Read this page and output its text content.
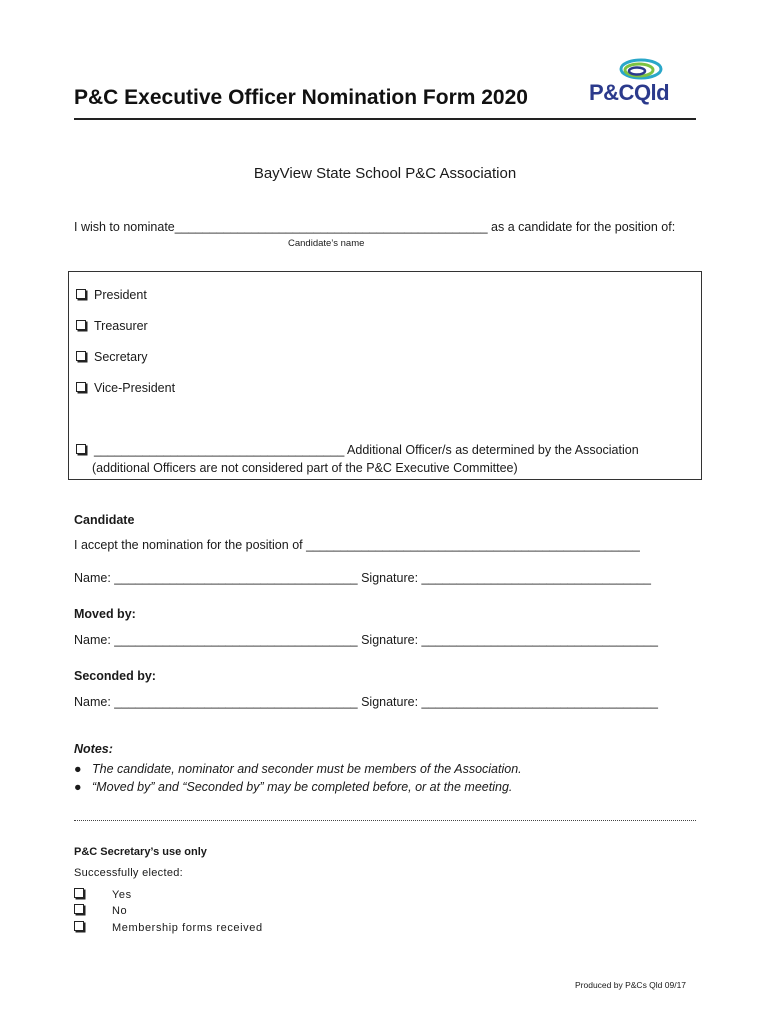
P&C Executive Officer Nomination Form 2020	P&CQld
BayView State School P&C Association
I wish to nominate_____________________________________________ as a candidate for the position of:
Candidate’s name
President
Treasurer
Secretary
Vice-President
____________________________________ Additional Officer/s as determined by the Association
(additional Officers are not considered part of the P&C Executive Committee)
Candidate
I accept the nomination for the position of ________________________________________________
Name: ___________________________________ Signature: _________________________________
Moved by:
Name: ___________________________________ Signature: __________________________________
Seconded by:
Name: ___________________________________ Signature: __________________________________
Notes:
● The candidate, nominator and seconder must be members of the Association.
● “Moved by” and “Seconded by” may be completed before, or at the meeting.
P&C Secretary’s use only
Successfully elected:
Yes
No
Membership forms received
Produced by P&Cs Qld 09/17
